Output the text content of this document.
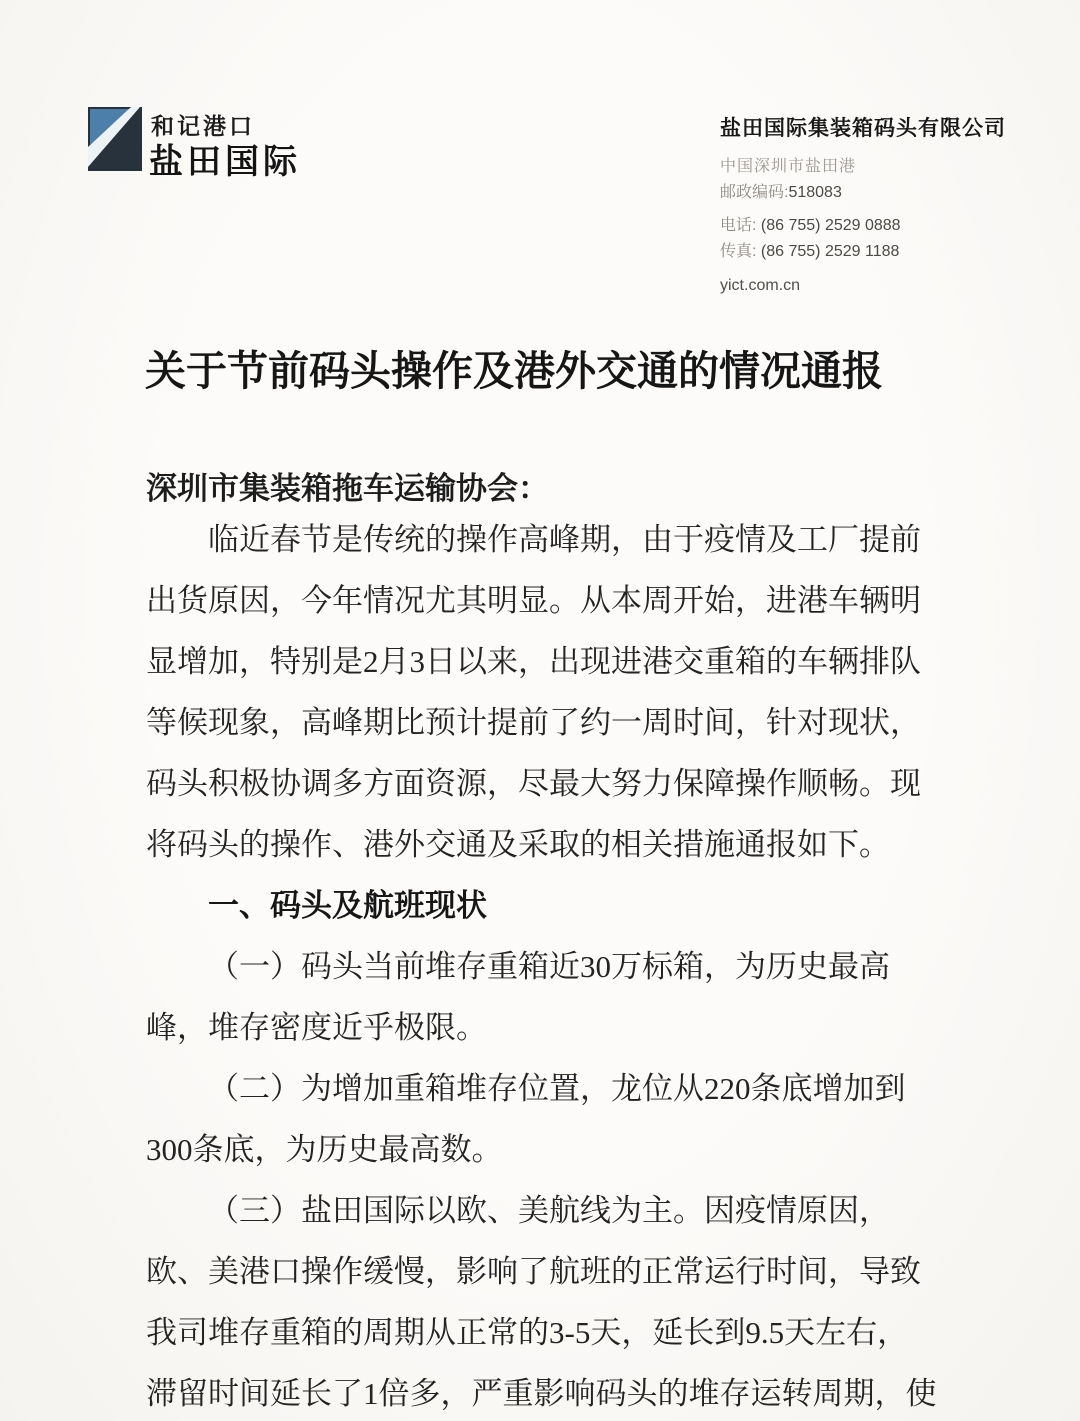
和记港口
盐田国际
盐田国际集装箱码头有限公司
中国深圳市盐田港
邮政编码:518083
电话: (86 755) 2529 0888
传真: (86 755) 2529 1188
yict.com.cn
关于节前码头操作及港外交通的情况通报
深圳市集装箱拖车运输协会：
临近春节是传统的操作高峰期，由于疫情及工厂提前
出货原因，今年情况尤其明显。从本周开始，进港车辆明
显增加，特别是2月3日以来，出现进港交重箱的车辆排队
等候现象，高峰期比预计提前了约一周时间，针对现状，
码头积极协调多方面资源，尽最大努力保障操作顺畅。现
将码头的操作、港外交通及采取的相关措施通报如下。
一、码头及航班现状
（一）码头当前堆存重箱近30万标箱，为历史最高
峰，堆存密度近乎极限。
（二）为增加重箱堆存位置，龙位从220条底增加到
300条底，为历史最高数。
（三）盐田国际以欧、美航线为主。因疫情原因，
欧、美港口操作缓慢，影响了航班的正常运行时间，导致
我司堆存重箱的周期从正常的3-5天，延长到9.5天左右，
滞留时间延长了1倍多，严重影响码头的堆存运转周期，使
